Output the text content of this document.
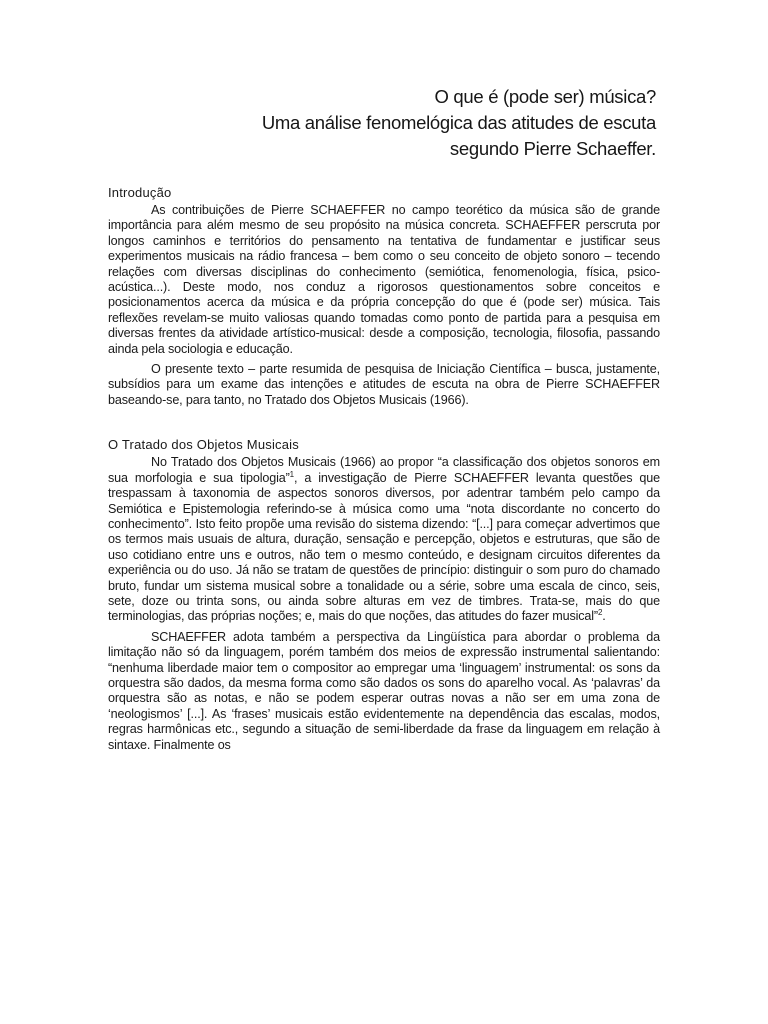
O que é (pode ser) música?
Uma análise fenomelógica das atitudes de escuta
segundo Pierre Schaeffer.
Introdução

As contribuições de Pierre SCHAEFFER no campo teorético da música são de grande importância para além mesmo de seu propósito na música concreta. SCHAEFFER perscruta por longos caminhos e territórios do pensamento na tentativa de fundamentar e justificar seus experimentos musicais na rádio francesa – bem como o seu conceito de objeto sonoro – tecendo relações com diversas disciplinas do conhecimento (semiótica, fenomenologia, física, psico-acústica...). Deste modo, nos conduz a rigorosos questionamentos sobre conceitos e posicionamentos acerca da música e da própria concepção do que é (pode ser) música. Tais reflexões revelam-se muito valiosas quando tomadas como ponto de partida para a pesquisa em diversas frentes da atividade artístico-musical: desde a composição, tecnologia, filosofia, passando ainda pela sociologia e educação.

O presente texto – parte resumida de pesquisa de Iniciação Científica – busca, justamente, subsídios para um exame das intenções e atitudes de escuta na obra de Pierre SCHAEFFER baseando-se, para tanto, no Tratado dos Objetos Musicais (1966).

O Tratado dos Objetos Musicais

No Tratado dos Objetos Musicais (1966) ao propor “a classificação dos objetos sonoros em sua morfologia e sua tipologia”$^1$, a investigação de Pierre SCHAEFFER levanta questões que trespassam à taxonomia de aspectos sonoros diversos, por adentrar também pelo campo da Semiótica e Epistemologia referindo-se à música como uma “nota discordante no concerto do conhecimento”. Isto feito propõe uma revisão do sistema dizendo: “[...] para começar advertimos que os termos mais usuais de altura, duração, sensação e percepção, objetos e estruturas, que são de uso cotidiano entre uns e outros, não tem o mesmo conteúdo, e designam circuitos diferentes da experiência ou do uso. Já não se tratam de questões de princípio: distinguir o som puro do chamado bruto, fundar um sistema musical sobre a tonalidade ou a série, sobre uma escala de cinco, seis, sete, doze ou trinta sons, ou ainda sobre alturas em vez de timbres. Trata-se, mais do que terminologias, das próprias noções; e, mais do que noções, das atitudes do fazer musical”$^2$.

SCHAEFFER adota também a perspectiva da Lingüística para abordar o problema da limitação não só da linguagem, porém também dos meios de expressão instrumental salientando: “nenhuma liberdade maior tem o compositor ao empregar uma ‘linguagem’ instrumental: os sons da orquestra são dados, da mesma forma como são dados os sons do aparelho vocal. As ‘palavras’ da orquestra são as notas, e não se podem esperar outras novas a não ser em uma zona de ‘neologismos’ [...]. As ‘frases’ musicais estão evidentemente na dependência das escalas, modos, regras harmônicas etc., segundo a situação de semi-liberdade da frase da linguagem em relação à sintaxe. Finalmente os
